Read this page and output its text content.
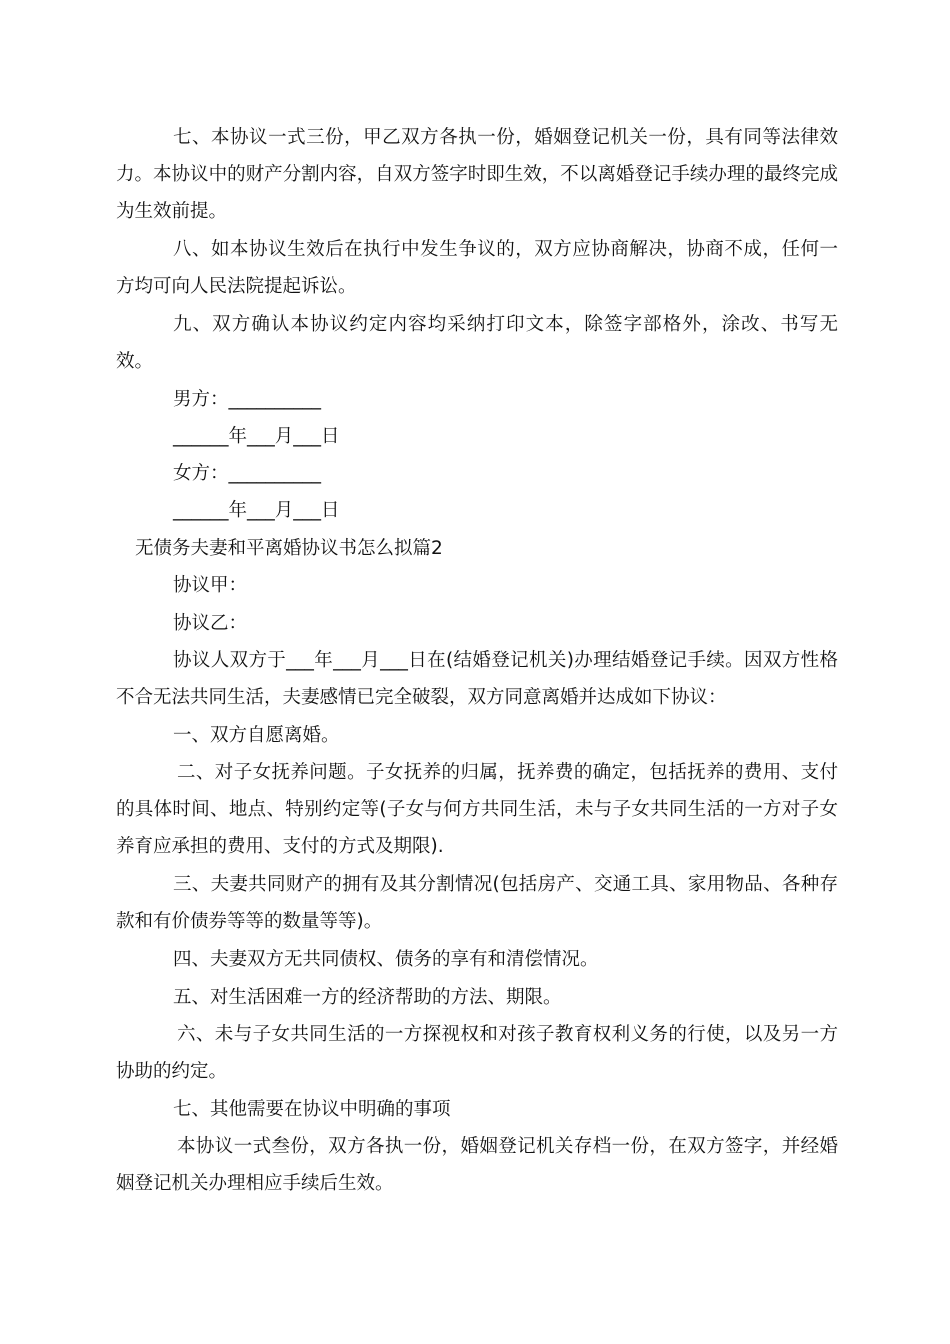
七、本协议一式三份，甲乙双方各执一份，婚姻登记机关一份，具有同等法律效力。本协议中的财产分割内容，自双方签字时即生效，不以离婚登记手续办理的最终完成为生效前提。

八、如本协议生效后在执行中发生争议的，双方应协商解决，协商不成，任何一方均可向人民法院提起诉讼。

九、双方确认本协议约定内容均采纳打印文本，除签字部格外，涂改、书写无效。

男方：__________

______年___月___日

女方：__________

______年___月___日

无债务夫妻和平离婚协议书怎么拟篇2

协议甲：

协议乙：

协议人双方于___年___月___日在(结婚登记机关)办理结婚登记手续。因双方性格不合无法共同生活，夫妻感情已完全破裂，双方同意离婚并达成如下协议：

一、双方自愿离婚。

二、对子女抚养问题。子女抚养的归属，抚养费的确定，包括抚养的费用、支付的具体时间、地点、特别约定等(子女与何方共同生活，未与子女共同生活的一方对子女养育应承担的费用、支付的方式及期限).

三、夫妻共同财产的拥有及其分割情况(包括房产、交通工具、家用物品、各种存款和有价债券等等的数量等等)。

四、夫妻双方无共同债权、债务的享有和清偿情况。

五、对生活困难一方的经济帮助的方法、期限。

六、未与子女共同生活的一方探视权和对孩子教育权利义务的行使，以及另一方协助的约定。

七、其他需要在协议中明确的事项

本协议一式叁份，双方各执一份，婚姻登记机关存档一份，在双方签字，并经婚姻登记机关办理相应手续后生效。
